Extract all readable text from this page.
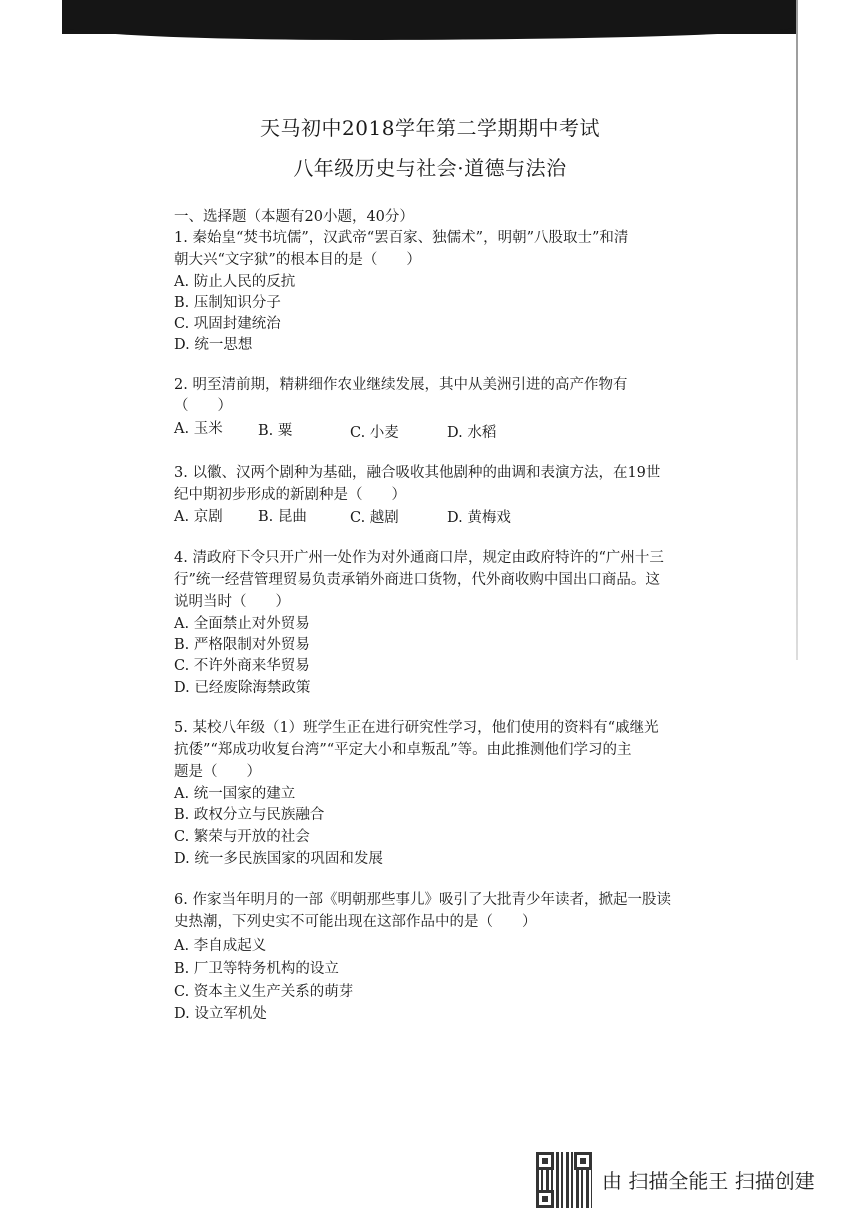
天马初中2018学年第二学期期中考试
八年级历史与社会·道德与法治
一、选择题（本题有20小题，40分）
1. 秦始皇“焚书坑儒”，汉武帝“罢百家、独儒术”，明朝”八股取士”和清
朝大兴“文字狱”的根本目的是（　　）
A. 防止人民的反抗
B. 压制知识分子
C. 巩固封建统治
D. 统一思想
2. 明至清前期，精耕细作农业继续发展，其中从美洲引进的高产作物有
（　　）
A. 玉米 B. 粟	C. 小麦	D. 水稻
3. 以徽、汉两个剧种为基础，融合吸收其他剧种的曲调和表演方法，在19世
纪中期初步形成的新剧种是（　　）
A. 京剧 B. 昆曲	C. 越剧	D. 黄梅戏
4. 清政府下令只开广州一处作为对外通商口岸，规定由政府特许的“广州十三
行”统一经营管理贸易负责承销外商进口货物，代外商收购中国出口商品。这
说明当时（　　）
A. 全面禁止对外贸易
B. 严格限制对外贸易
C. 不许外商来华贸易
D. 已经废除海禁政策
5. 某校八年级（1）班学生正在进行研究性学习，他们使用的资料有“戚继光
抗倭”“郑成功收复台湾”“平定大小和卓叛乱”等。由此推测他们学习的主
题是（　　）
A. 统一国家的建立
B. 政权分立与民族融合
C. 繁荣与开放的社会
D. 统一多民族国家的巩固和发展
6. 作家当年明月的一部《明朝那些事儿》吸引了大批青少年读者，掀起一股读
史热潮，下列史实不可能出现在这部作品中的是（　　）
A. 李自成起义
B. 厂卫等特务机构的设立
C. 资本主义生产关系的萌芽
D. 设立军机处
由 扫描全能王 扫描创建
